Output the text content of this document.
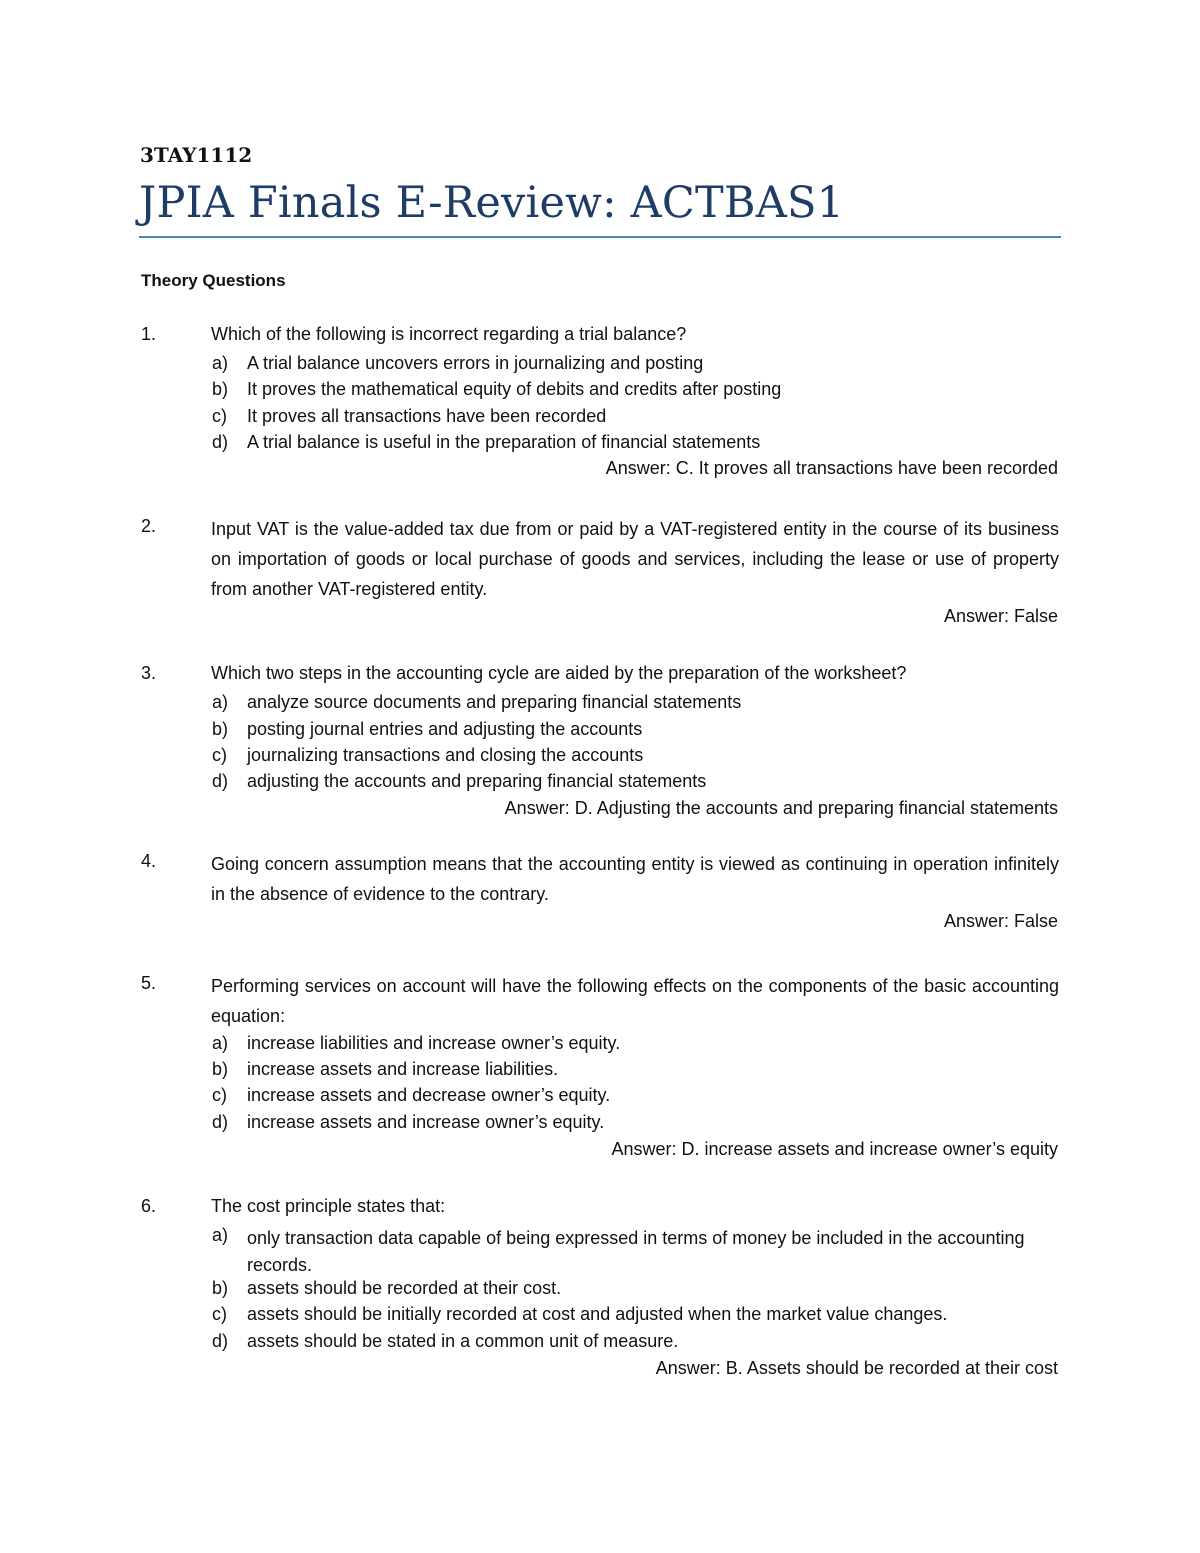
3TAY1112
JPIA Finals E-Review: ACTBAS1
Theory Questions
1.	Which of the following is incorrect regarding a trial balance?
a) A trial balance uncovers errors in journalizing and posting
b) It proves the mathematical equity of debits and credits after posting
c) It proves all transactions have been recorded
d) A trial balance is useful in the preparation of financial statements
Answer: C. It proves all transactions have been recorded
2.	Input VAT is the value-added tax due from or paid by a VAT-registered entity in the course of its business on importation of goods or local purchase of goods and services, including the lease or use of property from another VAT-registered entity.
Answer: False
3.	Which two steps in the accounting cycle are aided by the preparation of the worksheet?
a) analyze source documents and preparing financial statements
b) posting journal entries and adjusting the accounts
c) journalizing transactions and closing the accounts
d) adjusting the accounts and preparing financial statements
Answer: D. Adjusting the accounts and preparing financial statements
4.	Going concern assumption means that the accounting entity is viewed as continuing in operation infinitely in the absence of evidence to the contrary.
Answer: False
5.	Performing services on account will have the following effects on the components of the basic accounting equation:
a) increase liabilities and increase owner’s equity.
b) increase assets and increase liabilities.
c) increase assets and decrease owner’s equity.
d) increase assets and increase owner’s equity.
Answer: D. increase assets and increase owner’s equity
6.	The cost principle states that:
a) only transaction data capable of being expressed in terms of money be included in the accounting records.
b) assets should be recorded at their cost.
c) assets should be initially recorded at cost and adjusted when the market value changes.
d) assets should be stated in a common unit of measure.
Answer: B. Assets should be recorded at their cost
